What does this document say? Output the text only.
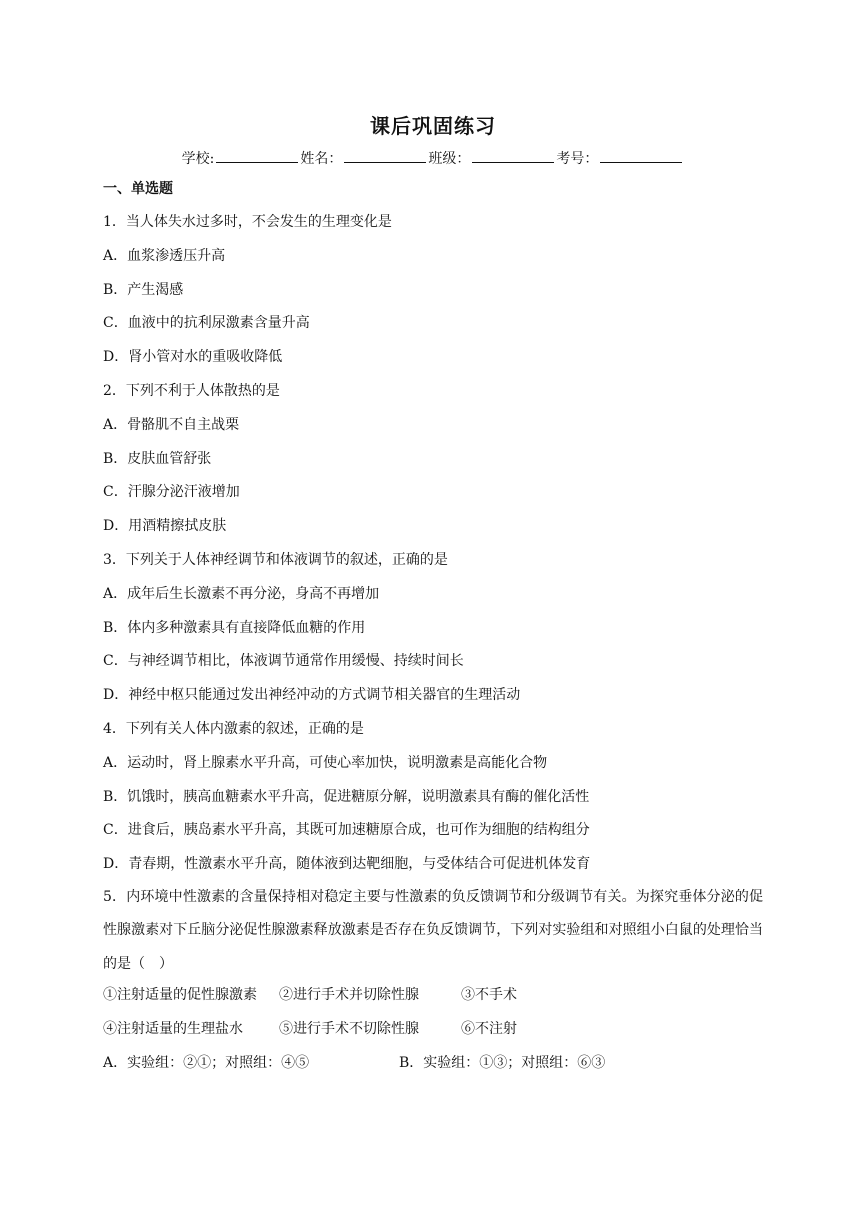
课后巩固练习
学校:	姓名：	班级：	考号：
一、单选题
1．当人体失水过多时，不会发生的生理变化是
A．血浆渗透压升高
B．产生渴感
C．血液中的抗利尿激素含量升高
D．肾小管对水的重吸收降低
2．下列不利于人体散热的是
A．骨骼肌不自主战栗
B．皮肤血管舒张
C．汗腺分泌汗液增加
D．用酒精擦拭皮肤
3．下列关于人体神经调节和体液调节的叙述，正确的是
A．成年后生长激素不再分泌，身高不再增加
B．体内多种激素具有直接降低血糖的作用
C．与神经调节相比，体液调节通常作用缓慢、持续时间长
D．神经中枢只能通过发出神经冲动的方式调节相关器官的生理活动
4．下列有关人体内激素的叙述，正确的是
A．运动时，肾上腺素水平升高，可使心率加快，说明激素是高能化合物
B．饥饿时，胰高血糖素水平升高，促进糖原分解，说明激素具有酶的催化活性
C．进食后，胰岛素水平升高，其既可加速糖原合成，也可作为细胞的结构组分
D．青春期，性激素水平升高，随体液到达靶细胞，与受体结合可促进机体发育
5．内环境中性激素的含量保持相对稳定主要与性激素的负反馈调节和分级调节有关。为探究垂体分泌的促性腺激素对下丘脑分泌促性腺激素释放激素是否存在负反馈调节，下列对实验组和对照组小白鼠的处理恰当的是（　）
①注射适量的促性腺激素 ②进行手术并切除性腺	③不手术
④注射适量的生理盐水	⑤进行手术不切除性腺	⑥不注射
A．实验组：②①；对照组：④⑤	B．实验组：①③；对照组：⑥③
